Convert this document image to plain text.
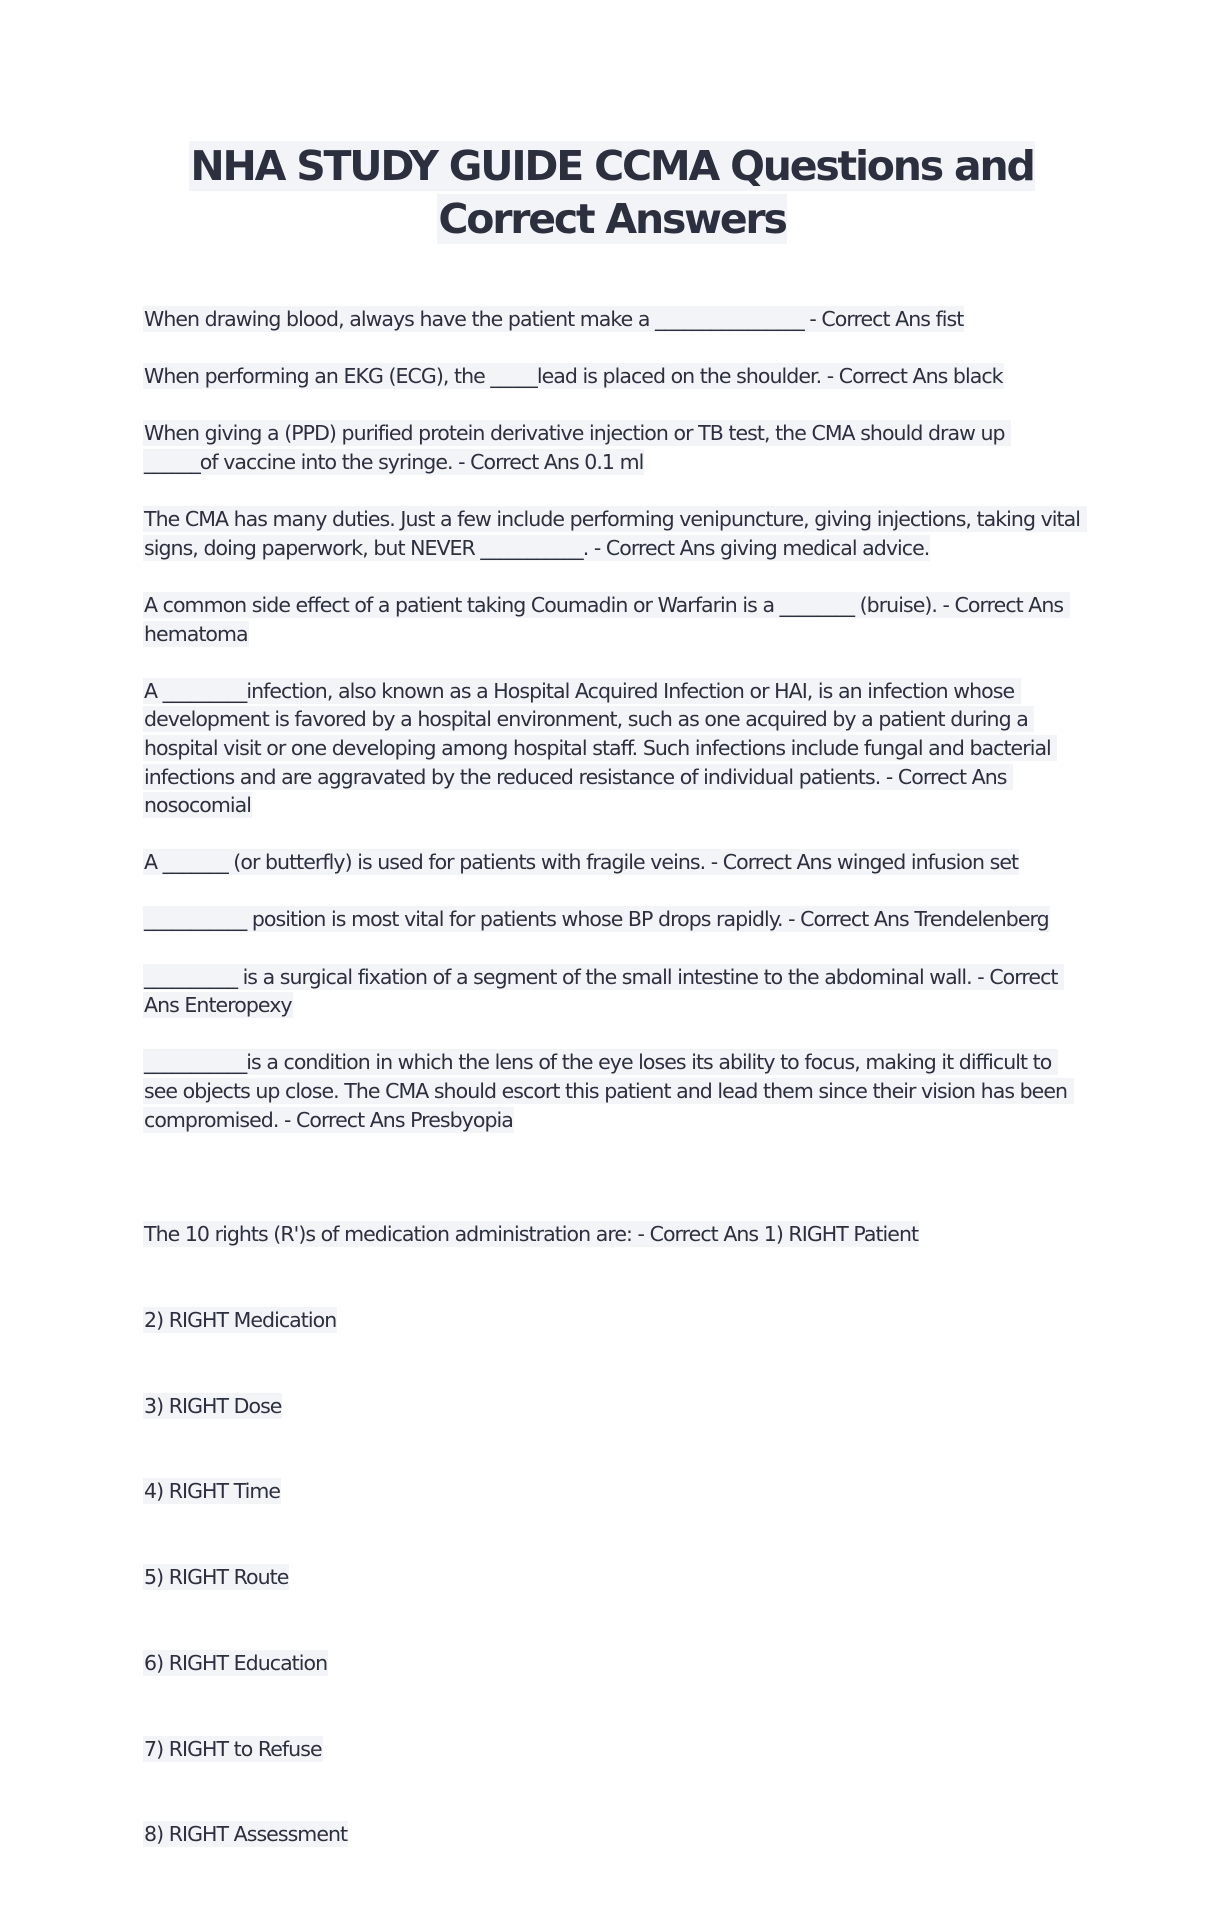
NHA STUDY GUIDE CCMA Questions and Correct Answers

When drawing blood, always have the patient make a ________________ - Correct Ans fist

When performing an EKG (ECG), the _____lead is placed on the shoulder. - Correct Ans black

When giving a (PPD) purified protein derivative injection or TB test, the CMA should draw up ______of vaccine into the syringe. - Correct Ans 0.1 ml

The CMA has many duties. Just a few include performing venipuncture, giving injections, taking vital signs, doing paperwork, but NEVER ___________. - Correct Ans giving medical advice.

A common side effect of a patient taking Coumadin or Warfarin is a ________ (bruise). - Correct Ans hematoma

A _________infection, also known as a Hospital Acquired Infection or HAI, is an infection whose development is favored by a hospital environment, such as one acquired by a patient during a hospital visit or one developing among hospital staff. Such infections include fungal and bacterial infections and are aggravated by the reduced resistance of individual patients. - Correct Ans nosocomial

A _______ (or butterfly) is used for patients with fragile veins. - Correct Ans winged infusion set

___________ position is most vital for patients whose BP drops rapidly. - Correct Ans Trendelenberg

__________ is a surgical fixation of a segment of the small intestine to the abdominal wall. - Correct Ans Enteropexy

___________is a condition in which the lens of the eye loses its ability to focus, making it difficult to see objects up close. The CMA should escort this patient and lead them since their vision has been compromised. - Correct Ans Presbyopia

The 10 rights (R')s of medication administration are: - Correct Ans 1) RIGHT Patient

2) RIGHT Medication

3) RIGHT Dose

4) RIGHT Time

5) RIGHT Route

6) RIGHT Education

7) RIGHT to Refuse

8) RIGHT Assessment
